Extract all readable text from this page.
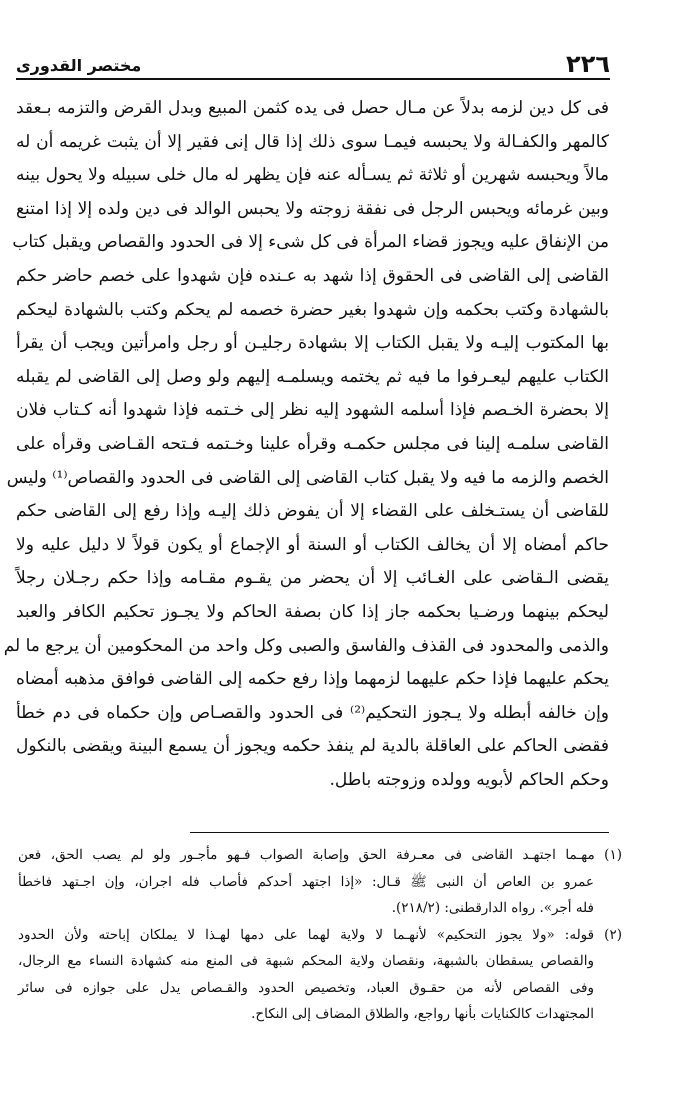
٢٢٦
مختصر القدورى
فى كل دين لزمه بدلاً عن مـال حصل فى يده كثمن المبيع وبدل القرض والتزمه بـعقد
كالمهر والكفـالة ولا يحبسه فيمـا سوى ذلك إذا قال إنى فقير إلا أن يثبت غريمه أن له
مالاً ويحبسه شهرين أو ثلاثة ثم يسـأله عنه فإن يظهر له مال خلى سبيله ولا يحول بينه
وبين غرمائه ويحبس الرجل فى نفقة زوجته ولا يحبس الوالد فى دين ولده إلا إذا امتنع
من الإنفاق عليه ويجوز قضاء المرأة فى كل شىء إلا فى الحدود والقصاص ويقبل كتاب
القاضى إلى القاضى فى الحقوق إذا شهد به عـنده فإن شهدوا على خصم حاضر حكم
بالشهادة وكتب بحكمه وإن شهدوا بغير حضرة خصمه لم يحكم وكتب بالشهادة ليحكم
بها المكتوب إليـه ولا يقبل الكتاب إلا بشهادة رجليـن أو رجل وامرأتين ويجب أن يقرأ
الكتاب عليهم ليعـرفوا ما فيه ثم يختمه ويسلمـه إليهم ولو وصل إلى القاضى لم يقبله
إلا بحضرة الخـصم فإذا أسلمه الشهود إليه نظر إلى خـتمه فإذا شهدوا أنه كـتاب فلان
القاضى سلمـه إلينا فى مجلس حكمـه وقرأه علينا وخـتمه فـتحه القـاضى وقرأه على
الخصم والزمه ما فيه ولا يقبل كتاب القاضى إلى القاضى فى الحدود والقصاص⁽¹⁾ وليس
للقاضى أن يستـخلف على القضاء إلا أن يفوض ذلك إليـه وإذا رفع إلى القاضى حكم
حاكم أمضاه إلا أن يخالف الكتاب أو السنة أو الإجماع أو يكون قولاً لا دليل عليه ولا
يقضى الـقاضى على الغـائب إلا أن يحضر من يقـوم مقـامه وإذا حكم رجـلان رجلاً
ليحكم بينهما ورضـيا بحكمه جاز إذا كان بصفة الحاكم ولا يجـوز تحكيم الكافر والعبد
والذمى والمحدود فى القذف والفاسق والصبى وكل واحد من المحكومين أن يرجع ما لم
يحكم عليهما فإذا حكم عليهما لزمهما وإذا رفع حكمه إلى القاضى فوافق مذهبه أمضاه
وإن خالفه أبطله ولا يـجوز التحكيم⁽²⁾ فى الحدود والقصـاص وإن حكماه فى دم خطأ
فقضى الحاكم على العاقلة بالدية لم ينفذ حكمه ويجوز أن يسمع البينة ويقضى بالنكول
وحكم الحاكم لأبويه وولده وزوجته باطل.
(١) مهـما اجتهـد القاضى فى معـرفة الحق وإصابة الصواب فـهو مأجـور ولو لم يصب الحق، فعن
عمرو بن العاص أن النبى ﷺ قـال: «إذا اجتهد أحدكم فأصاب فله اجران، وإن اجـتهد فاخطأ
فله أجر». رواه الدارقطنى: (٢١٨/٢).
(٢) قوله: «ولا يجوز التحكيم» لأنهـما لا ولاية لهما على دمها لهـذا لا يملكان إباحته ولأن الحدود
والقصاص يسقطان بالشبهة، ونقصان ولاية المحكم شبهة فى المنع منه كشهادة النساء مع الرجال،
وفى القصاص لأنه من حقـوق العباد، وتخصيص الحدود والقـصاص يدل على جوازه فى سائر
المجتهدات كالكنايات بأنها رواجع، والطلاق المضاف إلى النكاح.
